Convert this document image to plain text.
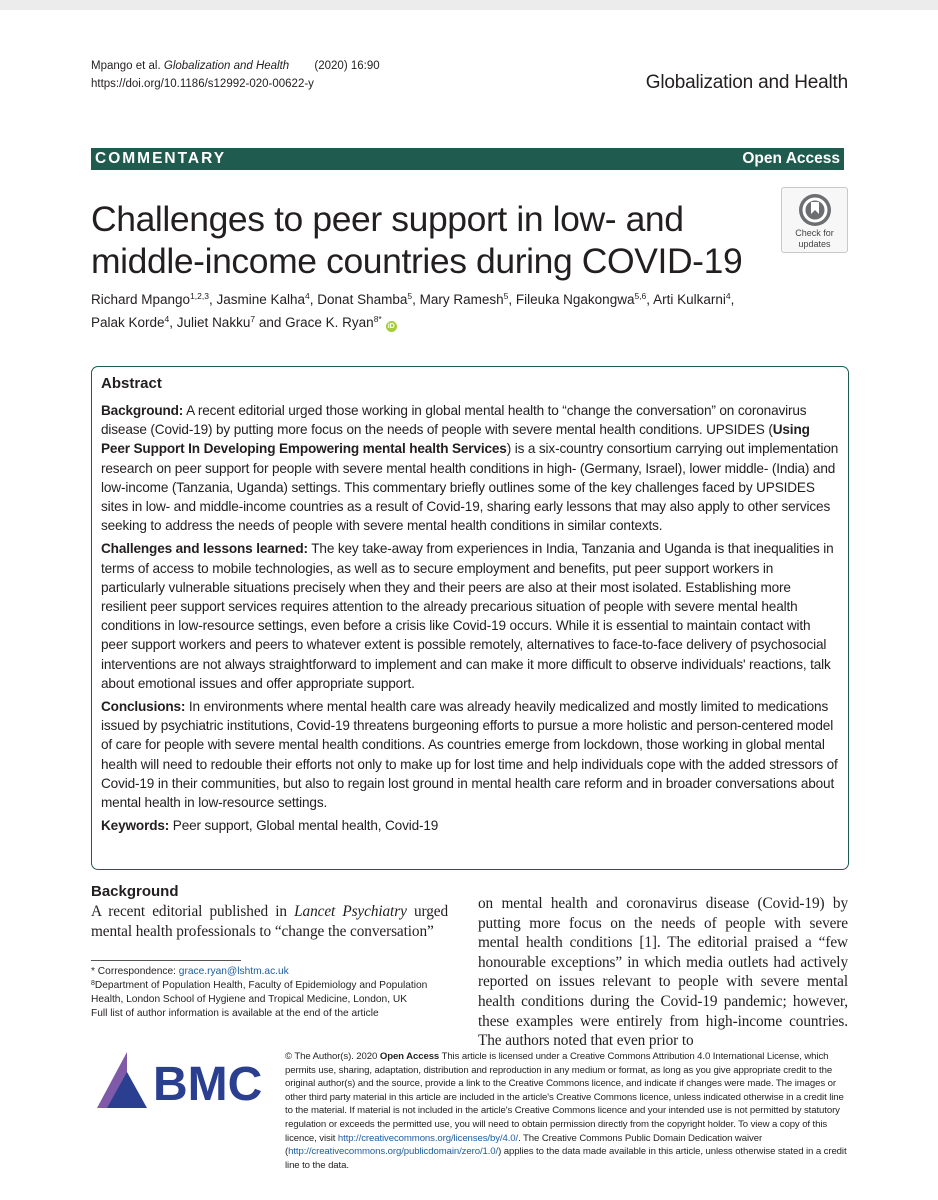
Mpango et al. Globalization and Health (2020) 16:90
https://doi.org/10.1186/s12992-020-00622-y	Globalization and Health
COMMENTARY	Open Access
Challenges to peer support in low- and middle-income countries during COVID-19
Check for
updates
Richard Mpango$^{1,2,3}$, Jasmine Kalha$^4$, Donat Shamba$^5$, Mary Ramesh$^5$, Fileuka Ngakongwa$^{5,6}$, Arti Kulkarni$^4$,
Palak Korde$^4$, Juliet Nakku$^7$ and Grace K. Ryan$^{8*}$iD
Abstract

Background: A recent editorial urged those working in global mental health to “change the conversation” on coronavirus disease (Covid-19) by putting more focus on the needs of people with severe mental health conditions. UPSIDES (Using Peer Support In Developing Empowering mental health Services) is a six-country consortium carrying out implementation research on peer support for people with severe mental health conditions in high- (Germany, Israel), lower middle- (India) and low-income (Tanzania, Uganda) settings. This commentary briefly outlines some of the key challenges faced by UPSIDES sites in low- and middle-income countries as a result of Covid-19, sharing early lessons that may also apply to other services seeking to address the needs of people with severe mental health conditions in similar contexts.

Challenges and lessons learned: The key take-away from experiences in India, Tanzania and Uganda is that inequalities in terms of access to mobile technologies, as well as to secure employment and benefits, put peer support workers in particularly vulnerable situations precisely when they and their peers are also at their most isolated. Establishing more resilient peer support services requires attention to the already precarious situation of people with severe mental health conditions in low-resource settings, even before a crisis like Covid-19 occurs. While it is essential to maintain contact with peer support workers and peers to whatever extent is possible remotely, alternatives to face-to-face delivery of psychosocial interventions are not always straightforward to implement and can make it more difficult to observe individuals' reactions, talk about emotional issues and offer appropriate support.

Conclusions: In environments where mental health care was already heavily medicalized and mostly limited to medications issued by psychiatric institutions, Covid-19 threatens burgeoning efforts to pursue a more holistic and person-centered model of care for people with severe mental health conditions. As countries emerge from lockdown, those working in global mental health will need to redouble their efforts not only to make up for lost time and help individuals cope with the added stressors of Covid-19 in their communities, but also to regain lost ground in mental health care reform and in broader conversations about mental health in low-resource settings.

Keywords: Peer support, Global mental health, Covid-19

Background

A recent editorial published in Lancet Psychiatry urged mental health professionals to “change the conversation”

on mental health and coronavirus disease (Covid-19) by putting more focus on the needs of people with severe mental health conditions [1]. The editorial praised a “few honourable exceptions” in which media outlets had actively reported on issues relevant to people with severe mental health conditions during the Covid-19 pandemic; however, these examples were entirely from high-income countries. The authors noted that even prior to

* Correspondence: grace.ryan@lshtm.ac.uk
$^8$Department of Population Health, Faculty of Epidemiology and Population Health, London School of Hygiene and Tropical Medicine, London, UK
Full list of author information is available at the end of the article
BMC
© The Author(s). 2020 Open Access This article is licensed under a Creative Commons Attribution 4.0 International License, which permits use, sharing, adaptation, distribution and reproduction in any medium or format, as long as you give appropriate credit to the original author(s) and the source, provide a link to the Creative Commons licence, and indicate if changes were made. The images or other third party material in this article are included in the article's Creative Commons licence, unless indicated otherwise in a credit line to the material. If material is not included in the article's Creative Commons licence and your intended use is not permitted by statutory regulation or exceeds the permitted use, you will need to obtain permission directly from the copyright holder. To view a copy of this licence, visit http://creativecommons.org/licenses/by/4.0/. The Creative Commons Public Domain Dedication waiver (http://creativecommons.org/publicdomain/zero/1.0/) applies to the data made available in this article, unless otherwise stated in a credit line to the data.
